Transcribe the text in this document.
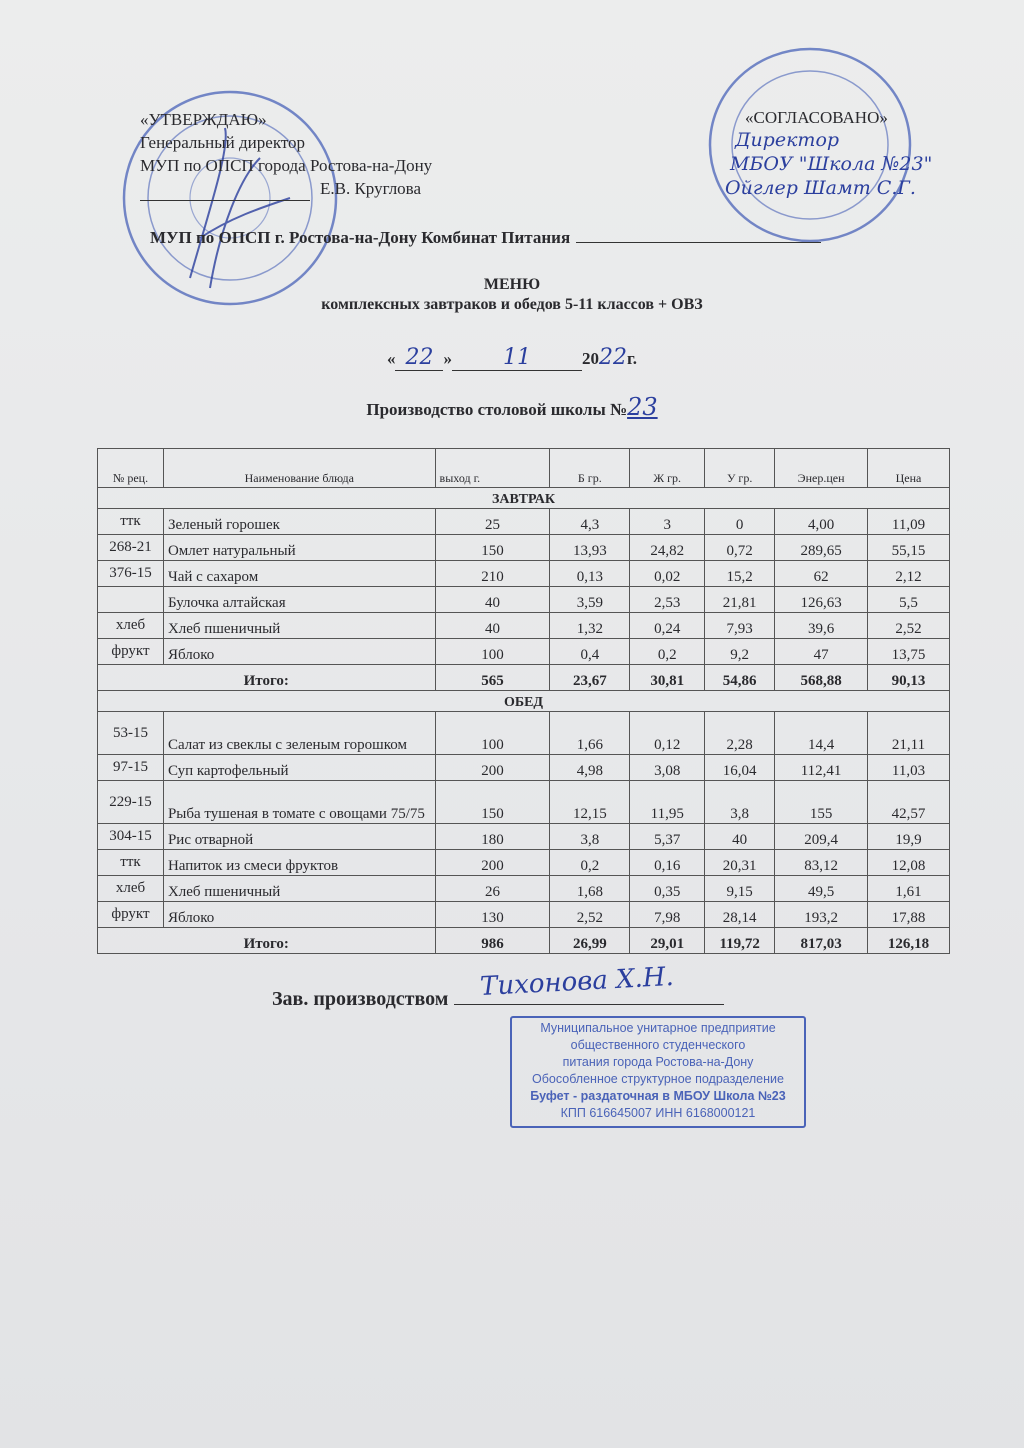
«УТВЕРЖДАЮ»
Генеральный директор
МУП по ОПСП города Ростова-на-Дону
Е.В. Круглова
«СОГЛАСОВАНО»
Директор
МБОУ "Школа №23"
Ойглер Шамт С.Г.
МУП по ОПСП г. Ростова-на-Дону Комбинат Питания
МЕНЮ
комплексных завтраков и обедов 5-11 классов + ОВЗ
« 22 » 11	2022г.
Производство столовой школы №23
№ рец.	Наименование блюда	выход г.	Б гр.	Ж гр.	У гр.	Энер.цен	Цена
ЗАВТРАК							
ттк	Зеленый горошек	25	4,3	3	0	4,00	11,09
268-21	Омлет натуральный	150	13,93	24,82	0,72	289,65	55,15
376-15	Чай с сахаром	210	0,13	0,02	15,2	62	2,12
	Булочка алтайская	40	3,59	2,53	21,81	126,63	5,5
хлеб	Хлеб пшеничный	40	1,32	0,24	7,93	39,6	2,52
фрукт	Яблоко	100	0,4	0,2	9,2	47	13,75
Итого:		565	23,67	30,81	54,86	568,88	90,13
ОБЕД							
53-15	Салат из свеклы с зеленым горошком	100	1,66	0,12	2,28	14,4	21,11
97-15	Суп картофельный	200	4,98	3,08	16,04	112,41	11,03
229-15	Рыба тушеная в томате с овощами 75/75	150	12,15	11,95	3,8	155	42,57
304-15	Рис отварной	180	3,8	5,37	40	209,4	19,9
ттк	Напиток из смеси фруктов	200	0,2	0,16	20,31	83,12	12,08
хлеб	Хлеб пшеничный	26	1,68	0,35	9,15	49,5	1,61
фрукт	Яблоко	130	2,52	7,98	28,14	193,2	17,88
Итого:		986	26,99	29,01	119,72	817,03	126,18
Зав. производством	Тихонова Х.Н.
Муниципальное унитарное предприятие
общественного студенческого
питания города Ростова-на-Дону
Обособленное структурное подразделение
Буфет - раздаточная в МБОУ Школа №23
КПП 616645007 ИНН 6168000121
